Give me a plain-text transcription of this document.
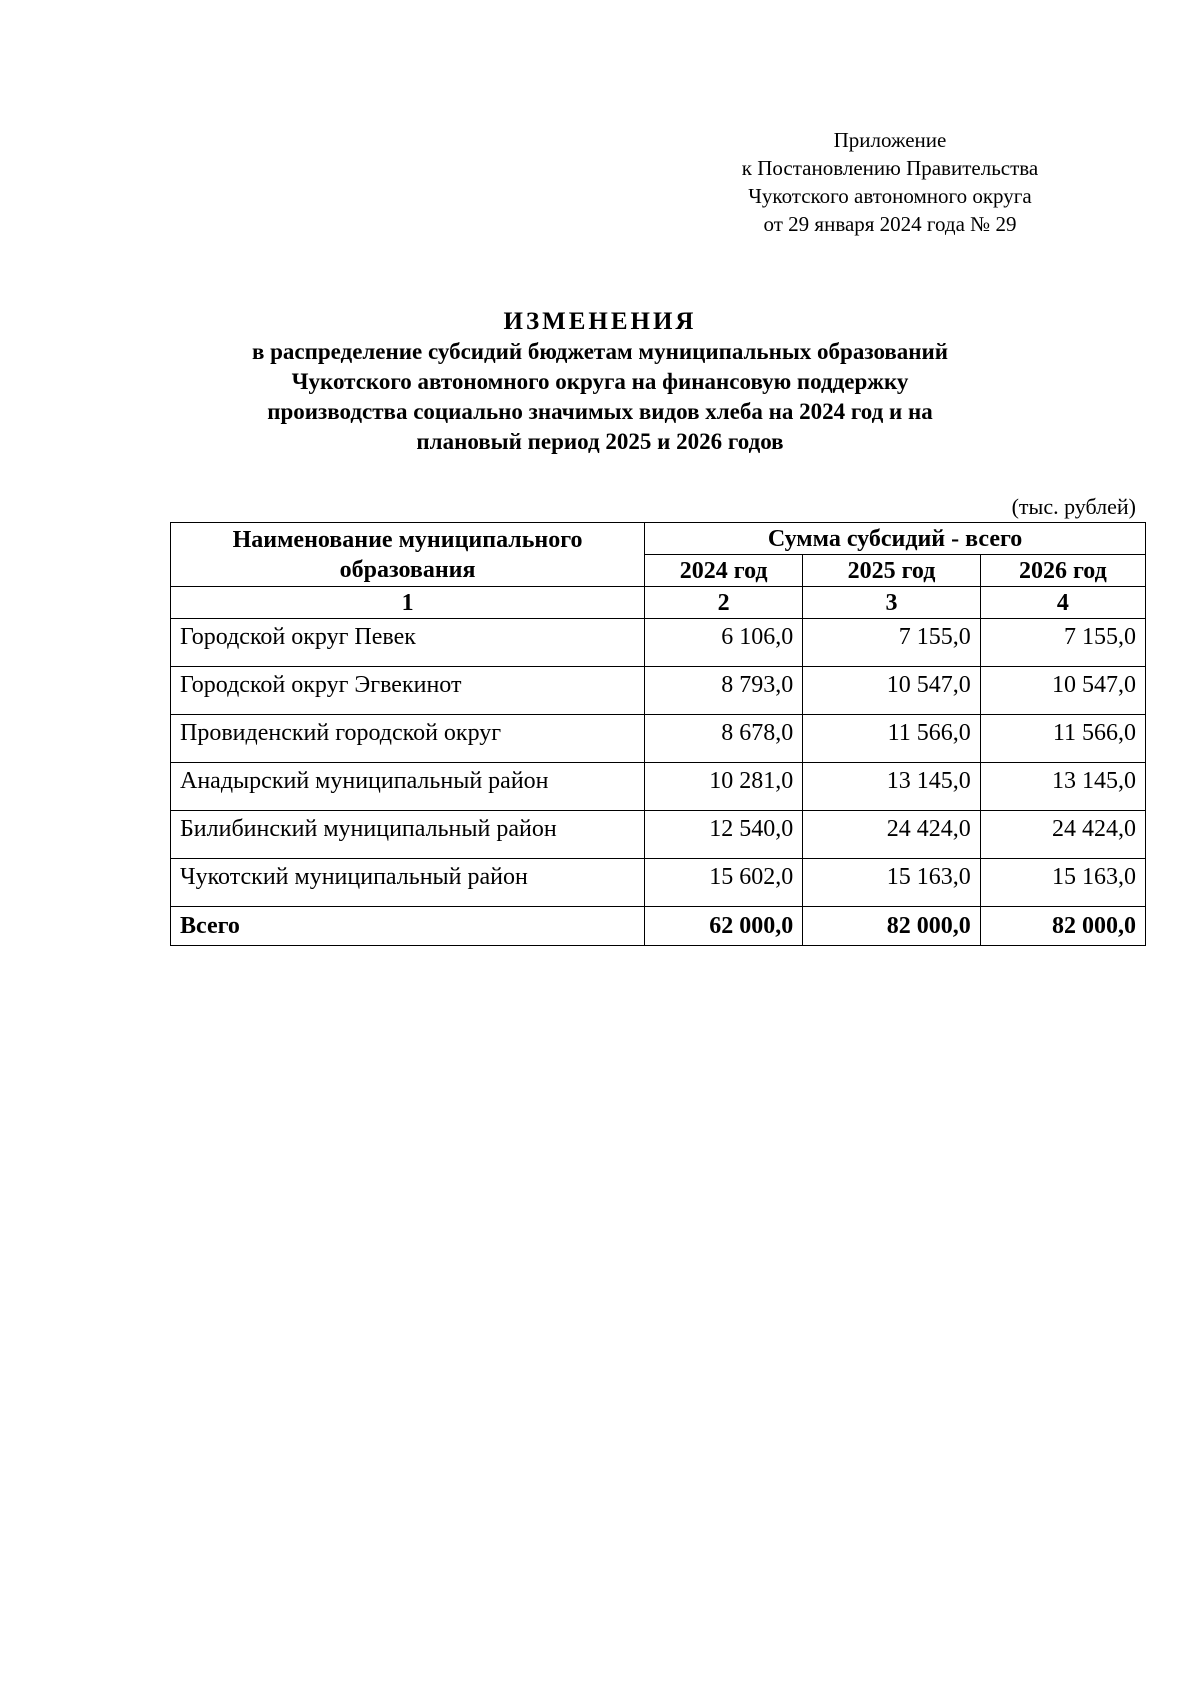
Приложение
к Постановлению Правительства
Чукотского автономного округа
от 29 января 2024 года № 29
ИЗМЕНЕНИЯ
в распределение субсидий бюджетам муниципальных образований
Чукотского автономного округа на финансовую поддержку
производства социально значимых видов хлеба на 2024 год и на
плановый период 2025 и 2026 годов
(тыс. рублей)
Наименование муниципального образования	Сумма субсидий - всего		
	2024 год	2025 год	2026 год
1	2	3	4
Городской округ Певек	6 106,0	7 155,0	7 155,0
Городской округ Эгвекинот	8 793,0	10 547,0	10 547,0
Провиденский городской округ	8 678,0	11 566,0	11 566,0
Анадырский муниципальный район	10 281,0	13 145,0	13 145,0
Билибинский муниципальный район	12 540,0	24 424,0	24 424,0
Чукотский муниципальный район	15 602,0	15 163,0	15 163,0
Всего	62 000,0	82 000,0	82 000,0
